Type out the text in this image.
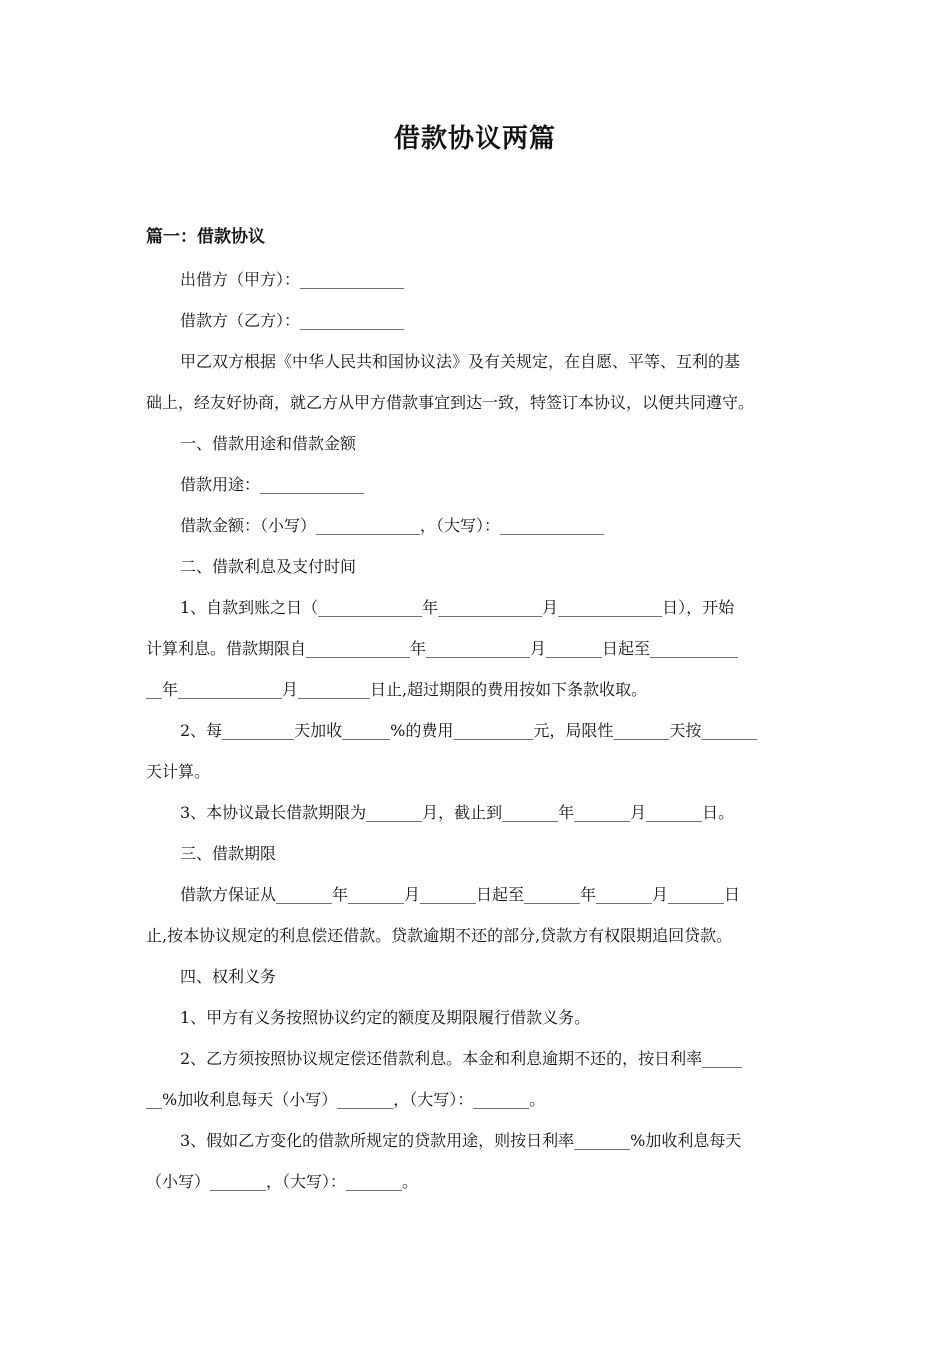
借款协议两篇
篇一：借款协议
出借方（甲方）：_____________
借款方（乙方）：_____________
甲乙双方根据《中华人民共和国协议法》及有关规定，在自愿、平等、互利的基
础上，经友好协商，就乙方从甲方借款事宜到达一致，特签订本协议，以便共同遵守。
一、借款用途和借款金额
借款用途：_____________
借款金额：（小写）_____________，（大写）：_____________
二、借款利息及支付时间
1、自款到账之日（_____________年_____________月_____________日），开始
计算利息。借款期限自_____________年_____________月_______日起至___________
__年_____________月_________日止,超过期限的费用按如下条款收取。
2、每_________天加收______%的费用__________元，局限性_______天按_______
天计算。
3、本协议最长借款期限为_______月，截止到_______年_______月_______日。
三、借款期限
借款方保证从_______年_______月_______日起至_______年_______月_______日
止,按本协议规定的利息偿还借款。贷款逾期不还的部分,贷款方有权限期追回贷款。
四、权利义务
1、甲方有义务按照协议约定的额度及期限履行借款义务。
2、乙方须按照协议规定偿还借款利息。本金和利息逾期不还的，按日利率_____
__%加收利息每天（小写）_______，（大写）：_______。
3、假如乙方变化的借款所规定的贷款用途，则按日利率_______%加收利息每天
（小写）_______，（大写）：_______。
